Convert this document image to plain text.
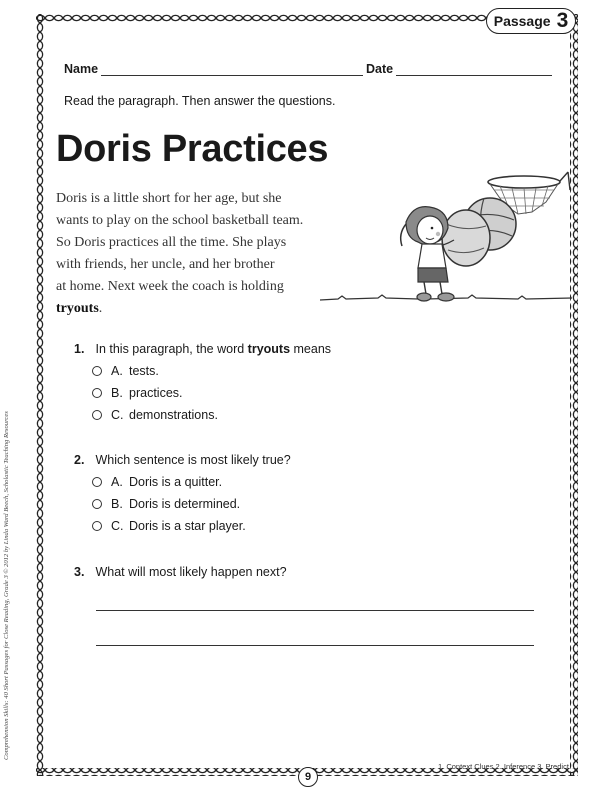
Passage 3
Name	Date
Read the paragraph. Then answer the questions.
Doris Practices
Doris is a little short for her age, but she
wants to play on the school basketball team.
So Doris practices all the time. She plays
with friends, her uncle, and her brother
at home. Next week the coach is holding
tryouts.
1. In this paragraph, the word tryouts means
A. tests.
B. practices.
C. demonstrations.
2. Which sentence is most likely true?
A. Doris is a quitter.
B. Doris is determined.
C. Doris is a star player.
3. What will most likely happen next?
Comprehension Skills: 40 Short Passages for Close Reading, Grade 3 © 2012 by Linda Ward Beech, Scholastic Teaching Resources
1. Context Clues 2. Inference 3. Predict
9
